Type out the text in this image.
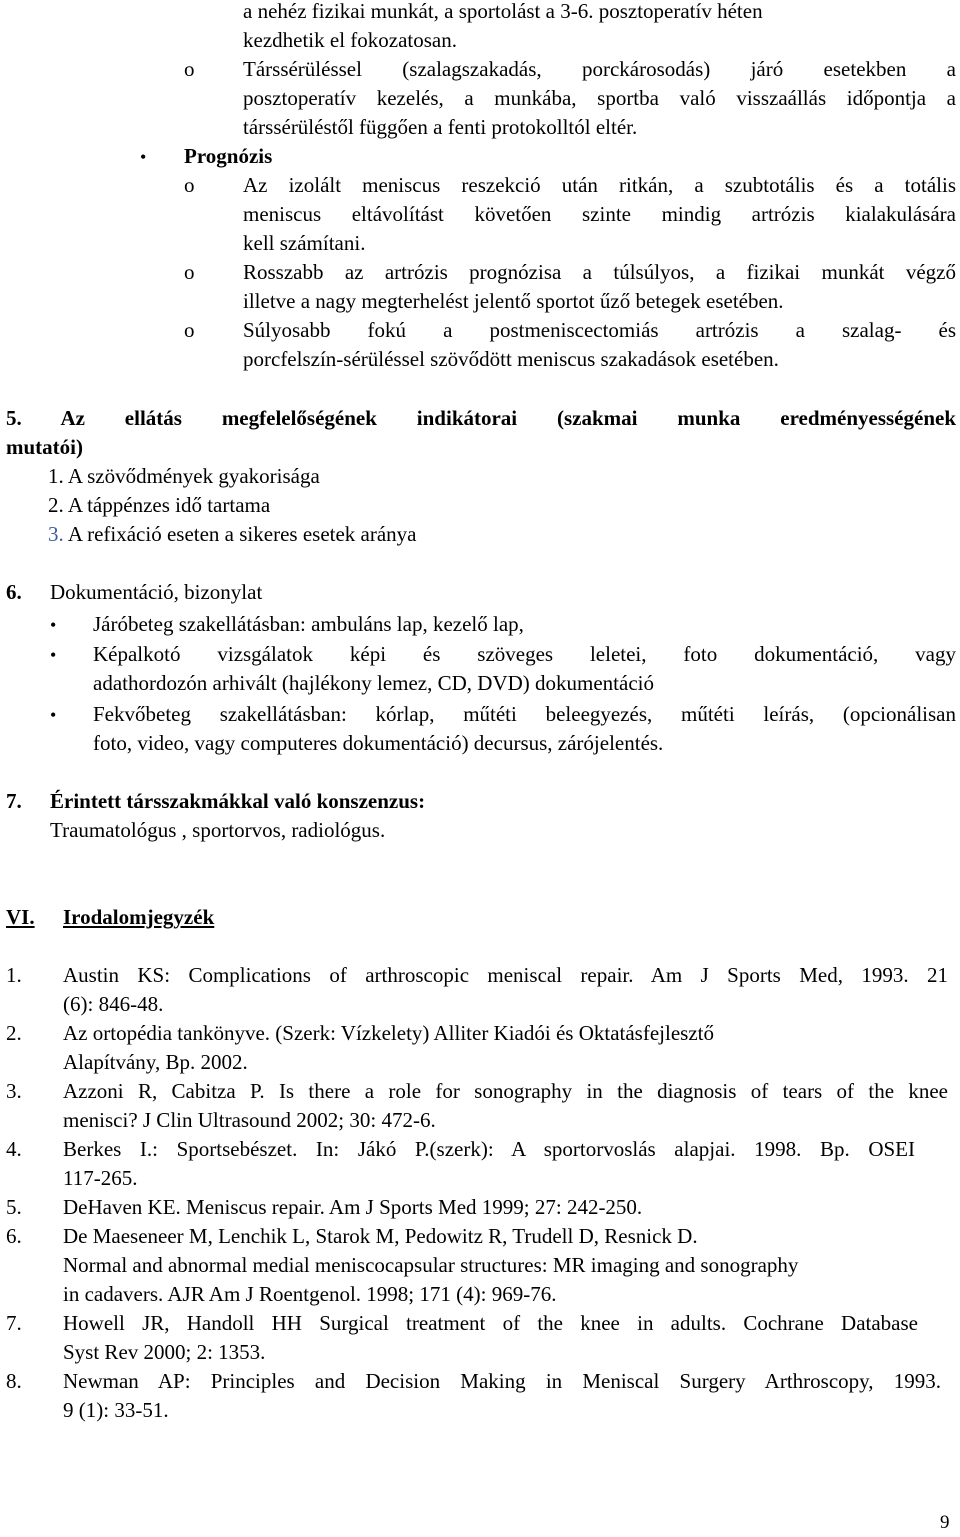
a nehéz fizikai munkát, a sportolást a 3-6. posztoperatív héten
kezdhetik el fokozatosan.
o Társsérüléssel (szalagszakadás, porckárosodás) járó esetekben a
posztoperatív kezelés, a munkába, sportba való visszaállás időpontja a
társsérüléstől függően a fenti protokolltól eltér.
• Prognózis
o Az izolált meniscus reszekció után ritkán, a szubtotális és a totális
meniscus eltávolítást követően szinte mindig artrózis kialakulására
kell számítani.
o Rosszabb az artrózis prognózisa a túlsúlyos, a fizikai munkát végző
illetve a nagy megterhelést jelentő sportot űző betegek esetében.
o Súlyosabb fokú a postmeniscectomiás artrózis a szalag- és
porcfelszín-sérüléssel szövődött meniscus szakadások esetében.
5. Az ellátás megfelelőségének indikátorai (szakmai munka eredményességének
mutatói)
1. A szövődmények gyakorisága
2. A táppénzes idő tartama
3. A refixáció eseten a sikeres esetek aránya
6. Dokumentáció, bizonylat
• Járóbeteg szakellátásban: ambuláns lap, kezelő lap,
• Képalkotó vizsgálatok képi és szöveges leletei, foto dokumentáció, vagy
adathordozón arhivált (hajlékony lemez, CD, DVD) dokumentáció
• Fekvőbeteg szakellátásban: kórlap, műtéti beleegyezés, műtéti leírás, (opcionálisan
foto, video, vagy computeres dokumentáció) decursus, zárójelentés.
7. Érintett társszakmákkal való konszenzus:
Traumatológus , sportorvos, radiológus.
VI.	Irodalomjegyzék
1. Austin KS: Complications of arthroscopic meniscal repair. Am J Sports Med, 1993. 21
(6): 846-48.
2. Az ortopédia tankönyve. (Szerk: Vízkelety) Alliter Kiadói és Oktatásfejlesztő
Alapítvány, Bp. 2002.
3. Azzoni R, Cabitza P. Is there a role for sonography in the diagnosis of tears of the knee
menisci? J Clin Ultrasound 2002; 30: 472-6.
4. Berkes I.: Sportsebészet. In: Jákó P.(szerk): A sportorvoslás alapjai. 1998. Bp. OSEI
117-265.
5. DeHaven KE. Meniscus repair. Am J Sports Med 1999; 27: 242-250.
6. De Maeseneer M, Lenchik L, Starok M, Pedowitz R, Trudell D, Resnick D.
Normal and abnormal medial meniscocapsular structures: MR imaging and sonography
in cadavers. AJR Am J Roentgenol. 1998; 171 (4): 969-76.
7. Howell JR, Handoll HH Surgical treatment of the knee in adults. Cochrane Database
Syst Rev 2000; 2: 1353.
8. Newman AP: Principles and Decision Making in Meniscal Surgery Arthroscopy, 1993.
9 (1): 33-51.
9
